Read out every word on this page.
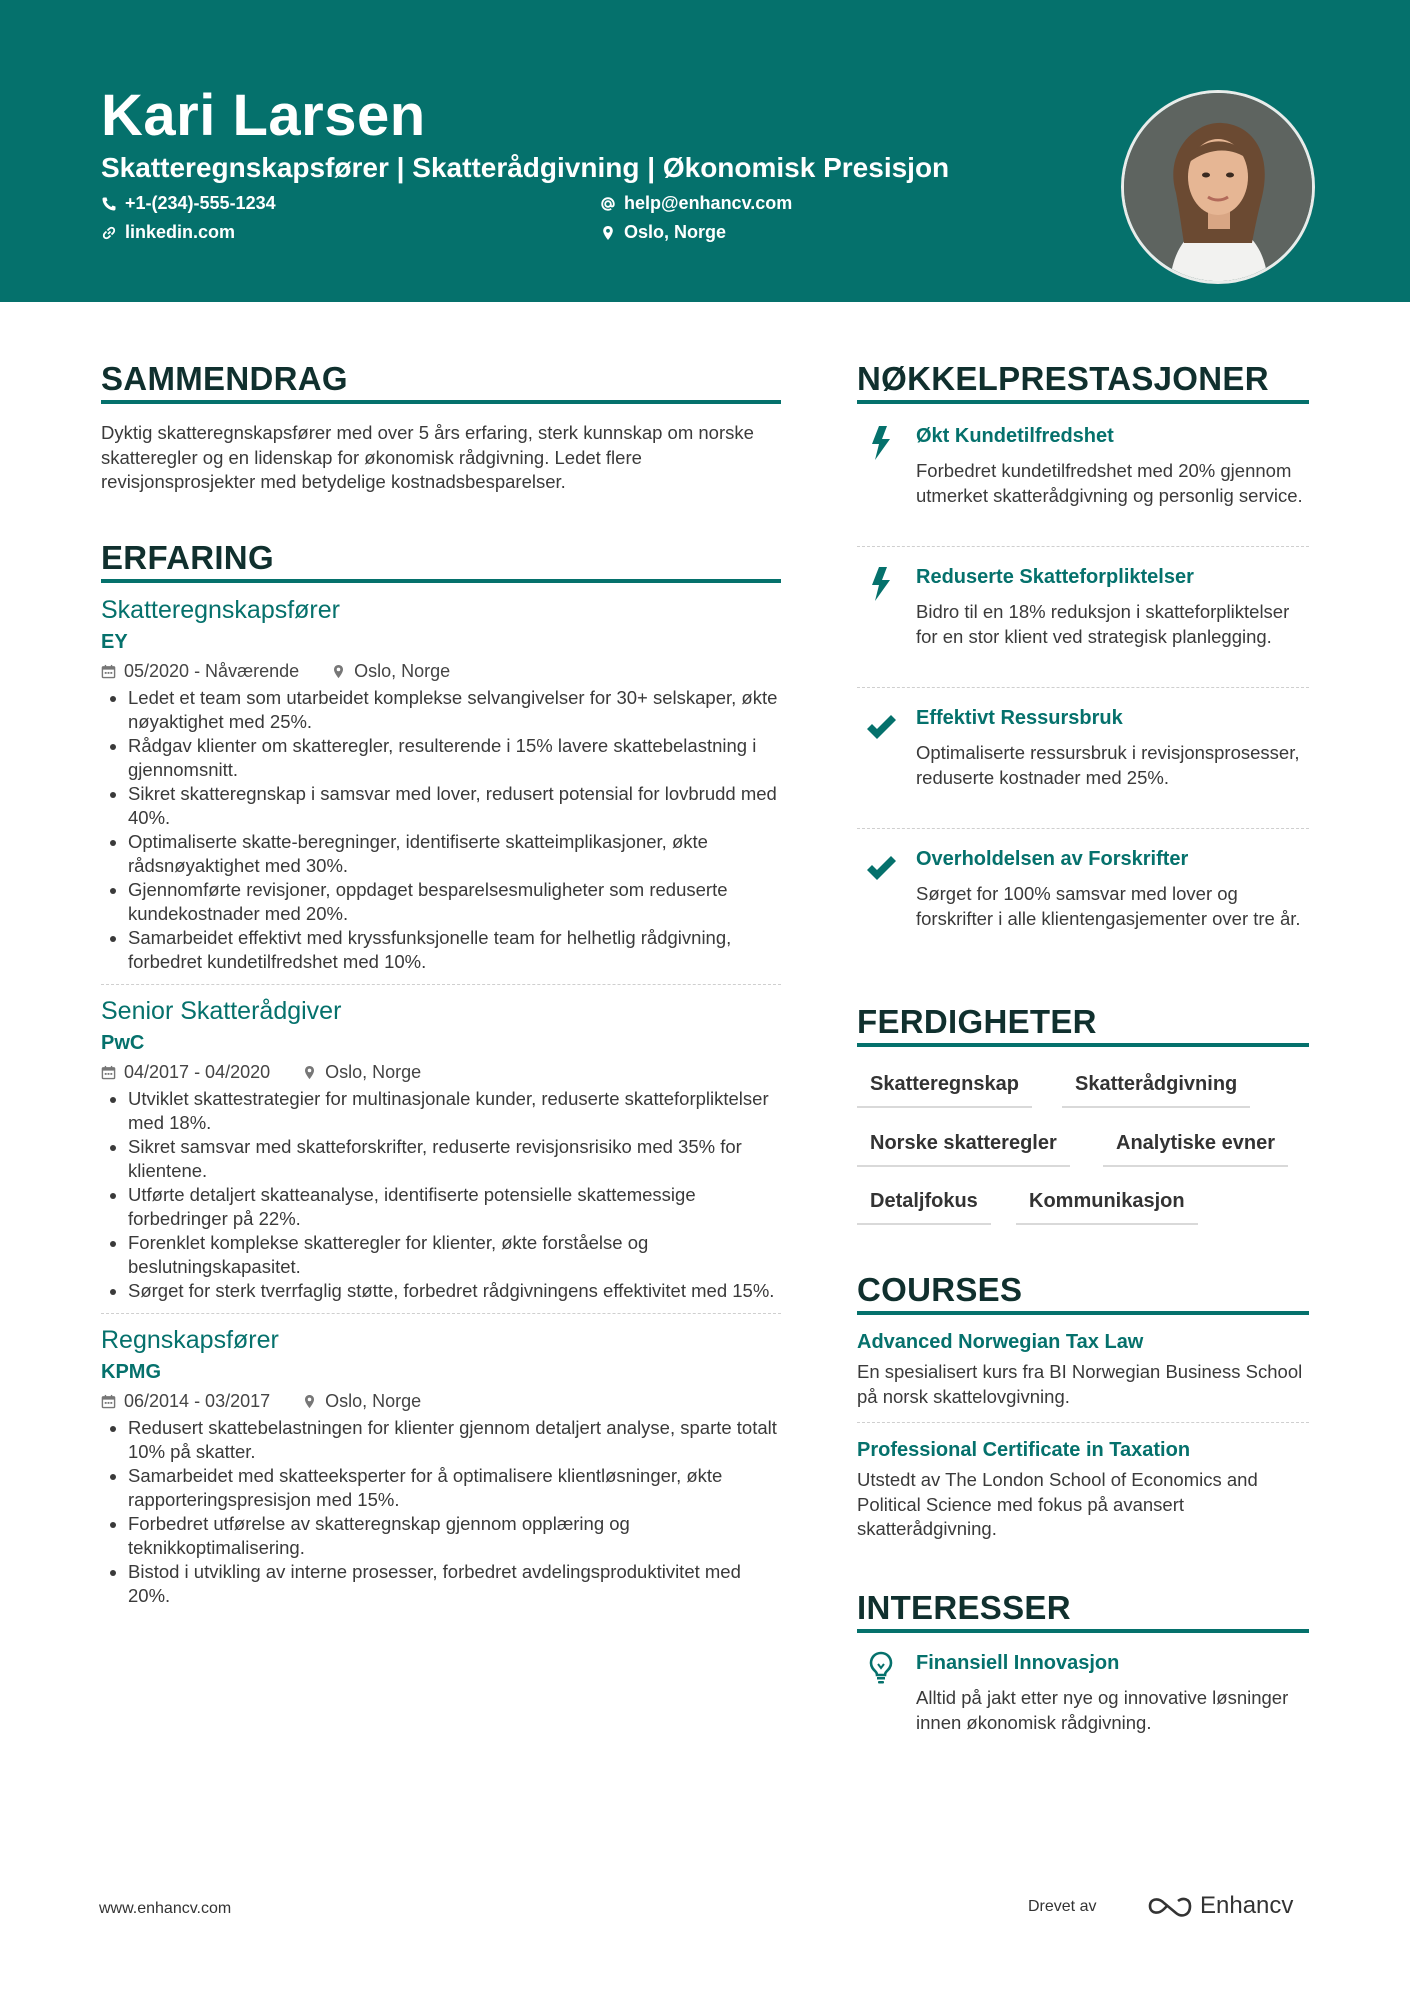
Kari Larsen
Skatteregnskapsfører | Skatterådgivning | Økonomisk Presisjon
+1-(234)-555-1234	help@enhancv.com
linkedin.com	Oslo, Norge
SAMMENDRAG
Dyktig skatteregnskapsfører med over 5 års erfaring, sterk kunnskap om norske skatteregler og en lidenskap for økonomisk rådgivning. Ledet flere revisjonsprosjekter med betydelige kostnadsbesparelser.
ERFARING
Skatteregnskapsfører
EY
05/2020 - Nåværende	Oslo, Norge
• Ledet et team som utarbeidet komplekse selvangivelser for 30+ selskaper, økte nøyaktighet med 25%.
• Rådgav klienter om skatteregler, resulterende i 15% lavere skattebelastning i gjennomsnitt.
• Sikret skatteregnskap i samsvar med lover, redusert potensial for lovbrudd med 40%.
• Optimaliserte skatte-beregninger, identifiserte skatteimplikasjoner, økte rådsnøyaktighet med 30%.
• Gjennomførte revisjoner, oppdaget besparelsesmuligheter som reduserte kundekostnader med 20%.
• Samarbeidet effektivt med kryssfunksjonelle team for helhetlig rådgivning, forbedret kundetilfredshet med 10%.
Senior Skatterådgiver
PwC
04/2017 - 04/2020	Oslo, Norge
• Utviklet skattestrategier for multinasjonale kunder, reduserte skatteforpliktelser med 18%.
• Sikret samsvar med skatteforskrifter, reduserte revisjonsrisiko med 35% for klientene.
• Utførte detaljert skatteanalyse, identifiserte potensielle skattemessige forbedringer på 22%.
• Forenklet komplekse skatteregler for klienter, økte forståelse og beslutningskapasitet.
• Sørget for sterk tverrfaglig støtte, forbedret rådgivningens effektivitet med 15%.
Regnskapsfører
KPMG
06/2014 - 03/2017	Oslo, Norge
• Redusert skattebelastningen for klienter gjennom detaljert analyse, sparte totalt 10% på skatter.
• Samarbeidet med skatteeksperter for å optimalisere klientløsninger, økte rapporteringspresisjon med 15%.
• Forbedret utførelse av skatteregnskap gjennom opplæring og teknikkoptimalisering.
• Bistod i utvikling av interne prosesser, forbedret avdelingsproduktivitet med 20%.
NØKKELPRESTASJONER
Økt Kundetilfredshet
Forbedret kundetilfredshet med 20% gjennom utmerket skatterådgivning og personlig service.
Reduserte Skatteforpliktelser
Bidro til en 18% reduksjon i skatteforpliktelser for en stor klient ved strategisk planlegging.
Effektivt Ressursbruk
Optimaliserte ressursbruk i revisjonsprosesser, reduserte kostnader med 25%.
Overholdelsen av Forskrifter
Sørget for 100% samsvar med lover og forskrifter i alle klientengasjementer over tre år.
FERDIGHETER
Skatteregnskap	Skatterådgivning
Norske skatteregler	Analytiske evner
Detaljfokus	Kommunikasjon
COURSES
Advanced Norwegian Tax Law
En spesialisert kurs fra BI Norwegian Business School på norsk skattelovgivning.
Professional Certificate in Taxation
Utstedt av The London School of Economics and Political Science med fokus på avansert skatterådgivning.
INTERESSER
Finansiell Innovasjon
Alltid på jakt etter nye og innovative løsninger innen økonomisk rådgivning.
www.enhancv.com	Drevet av	Enhancv
